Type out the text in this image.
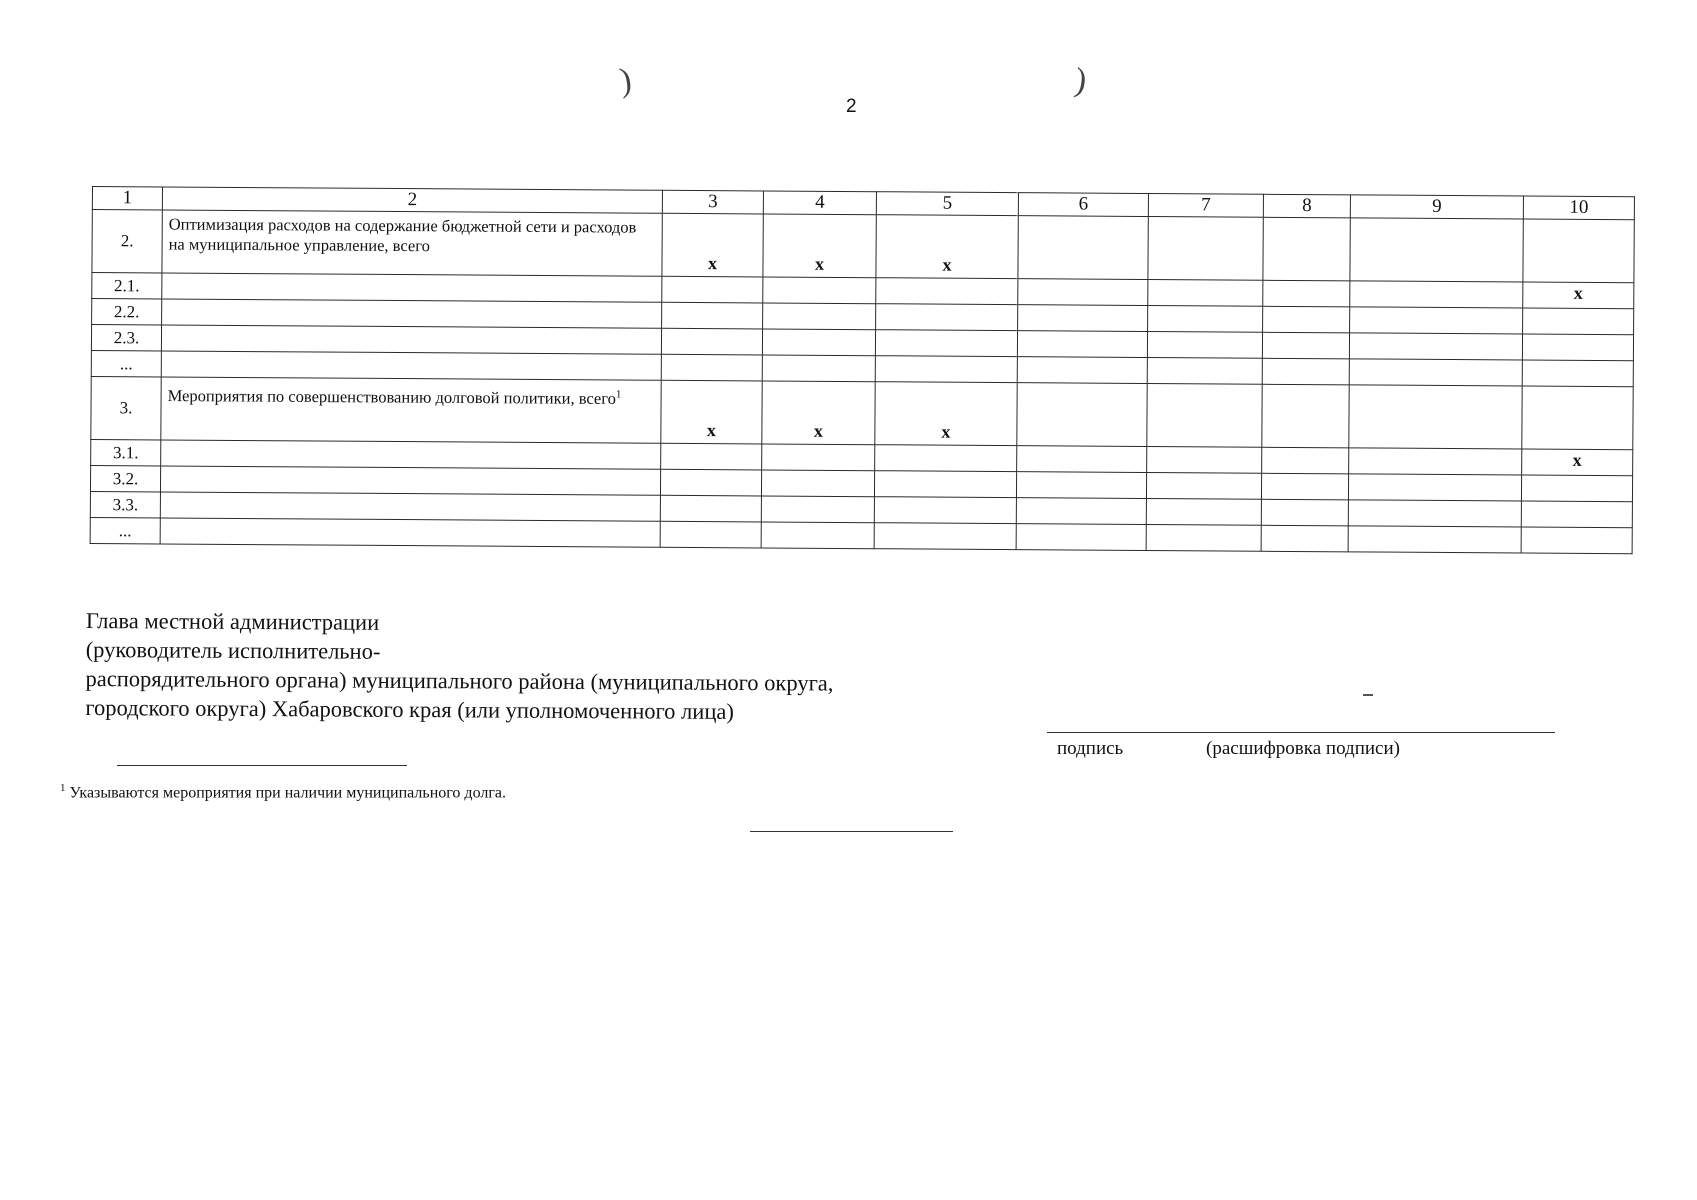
)	)
2
1	2	3	4	5	6	7	8	9	10
2.	Оптимизация расходов на содержание бюджетной сети и расходов на муниципальное управление, всего	x	x	x					
2.1.									x
2.2.									
2.3.									
...									
3.	Мероприятия по совершенствованию долговой политики, всего$^1$	x	x	x					
3.1.									x
3.2.									
3.3.									
...									
Глава местной администрации
(руководитель исполнительно-
распорядительного органа) муниципального района (муниципального округа,
городского округа) Хабаровского края (или уполномоченного лица)
подпись	(расшифровка подписи)
$^1$ Указываются мероприятия при наличии муниципального долга.
